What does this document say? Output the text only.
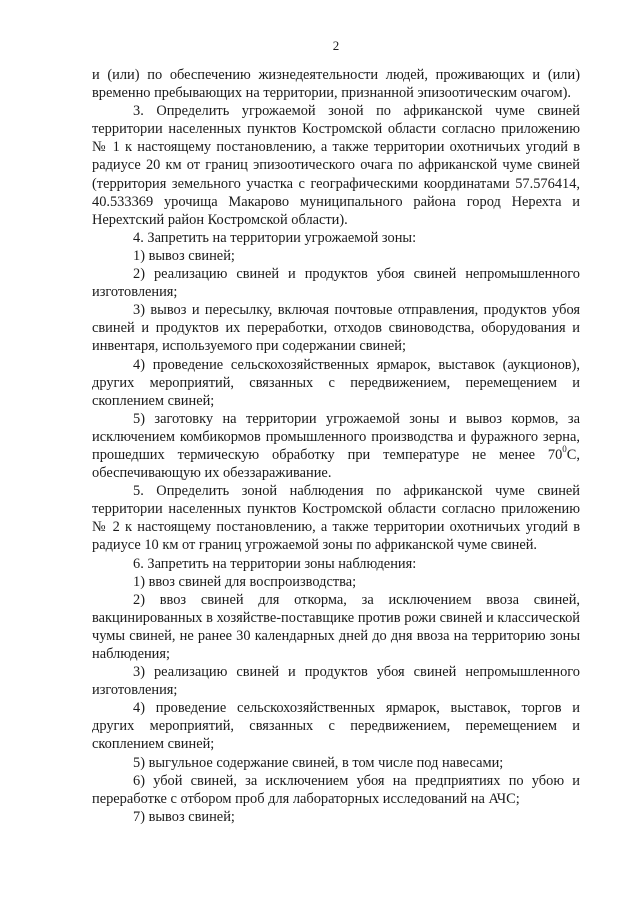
2

и (или) по обеспечению жизнедеятельности людей, проживающих и (или) временно пребывающих на территории, признанной эпизоотическим очагом).

3. Определить угрожаемой зоной по африканской чуме свиней территории населенных пунктов Костромской области согласно приложению № 1 к настоящему постановлению, а также территории охотничьих угодий в радиусе 20 км от границ эпизоотического очага по африканской чуме свиней (территория земельного участка с географическими координатами 57.576414, 40.533369 урочища Макарово муниципального района город Нерехта и Нерехтский район Костромской области).

4. Запретить на территории угрожаемой зоны:

1) вывоз свиней;

2) реализацию свиней и продуктов убоя свиней непромышленного изготовления;

3) вывоз и пересылку, включая почтовые отправления, продуктов убоя свиней и продуктов их переработки, отходов свиноводства, оборудования и инвентаря, используемого при содержании свиней;

4) проведение сельскохозяйственных ярмарок, выставок (аукционов), других мероприятий, связанных с передвижением, перемещением и скоплением свиней;

5) заготовку на территории угрожаемой зоны и вывоз кормов, за исключением комбикормов промышленного производства и фуражного зерна, прошедших термическую обработку при температуре не менее $70^0С$, обеспечивающую их обеззараживание.

5. Определить зоной наблюдения по африканской чуме свиней территории населенных пунктов Костромской области согласно приложению № 2 к настоящему постановлению, а также территории охотничьих угодий в радиусе 10 км от границ угрожаемой зоны по африканской чуме свиней.

6. Запретить на территории зоны наблюдения:

1) ввоз свиней для воспроизводства;

2) ввоз свиней для откорма, за исключением ввоза свиней, вакцинированных в хозяйстве-поставщике против рожи свиней и классической чумы свиней, не ранее 30 календарных дней до дня ввоза на территорию зоны наблюдения;

3) реализацию свиней и продуктов убоя свиней непромышленного изготовления;

4) проведение сельскохозяйственных ярмарок, выставок, торгов и других мероприятий, связанных с передвижением, перемещением и скоплением свиней;

5) выгульное содержание свиней, в том числе под навесами;

6) убой свиней, за исключением убоя на предприятиях по убою и переработке с отбором проб для лабораторных исследований на АЧС;

7) вывоз свиней;
